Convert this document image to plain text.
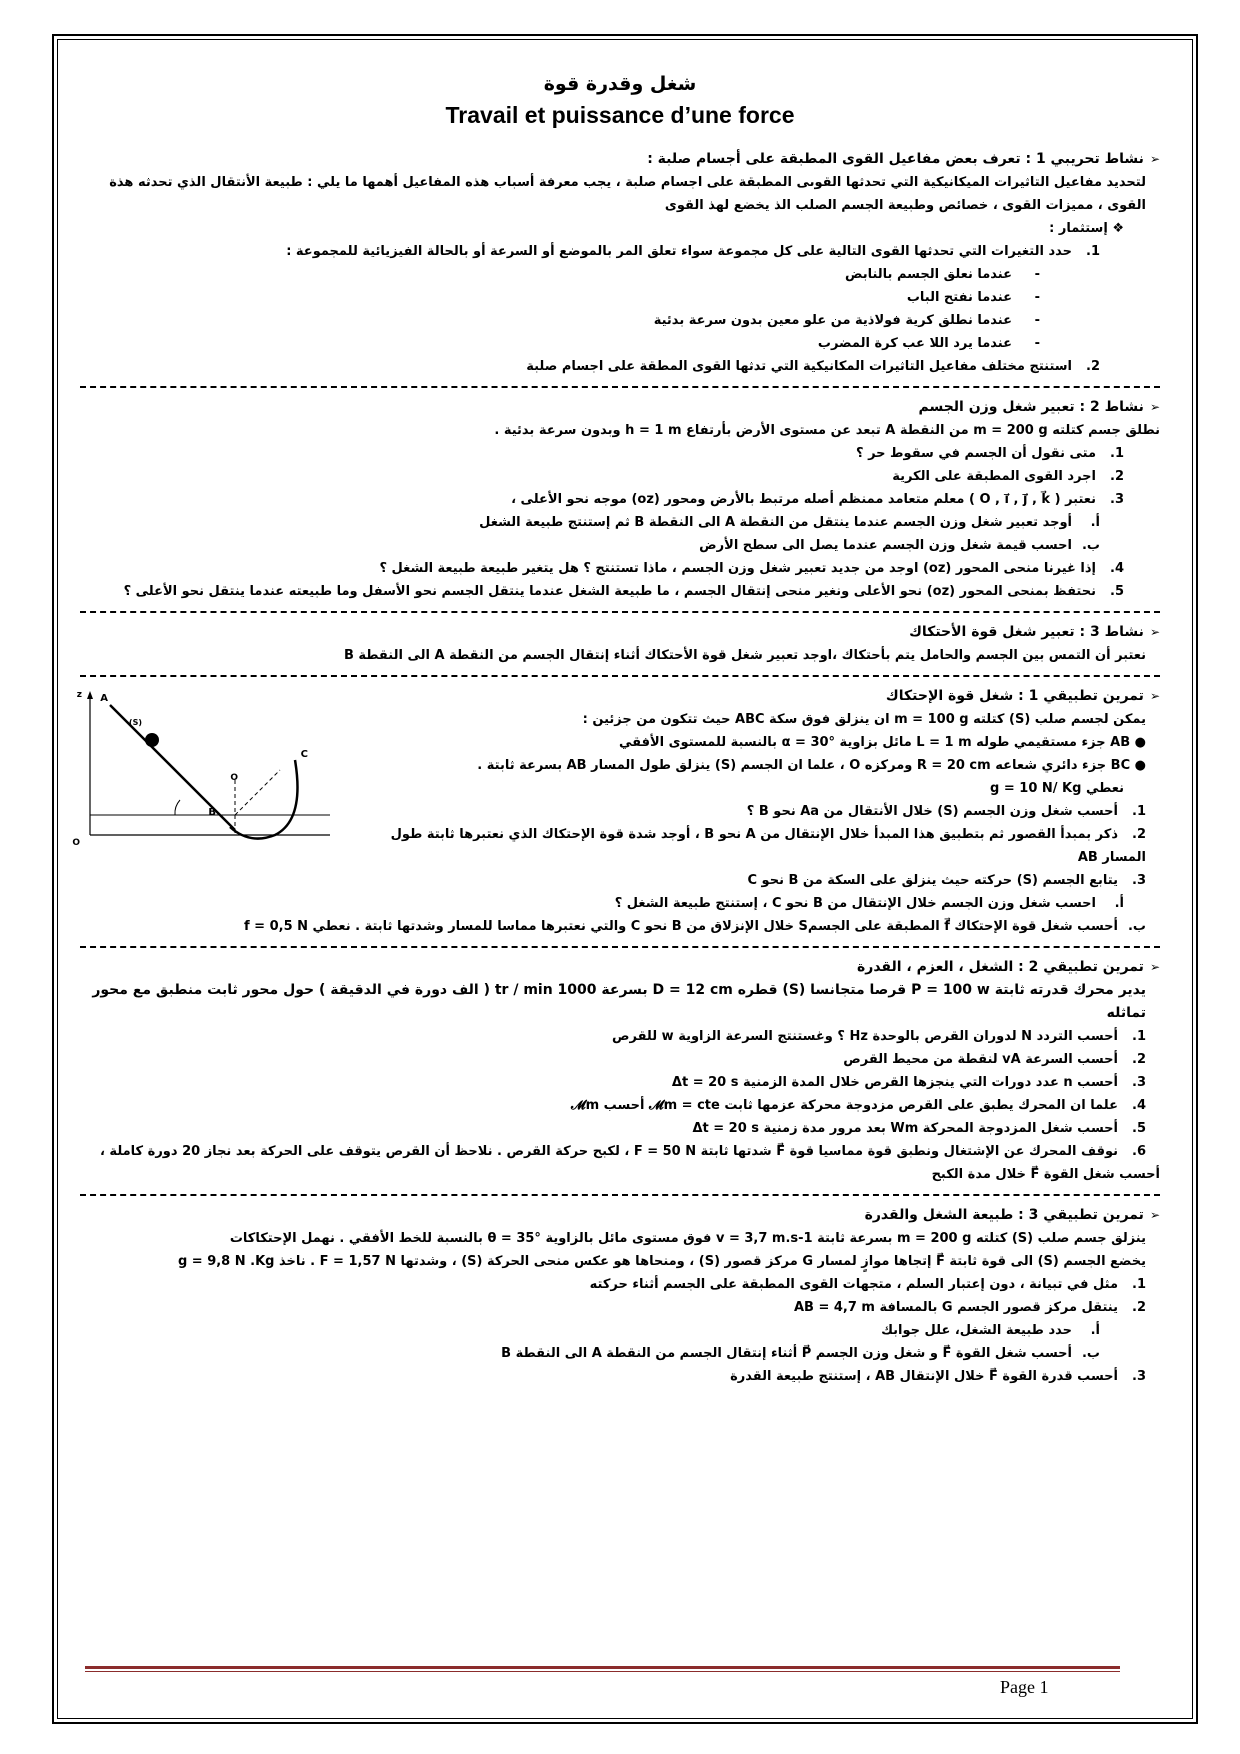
شغل وقدرة قوة
Travail et puissance d’une force
➢نشاط تحريبي 1 : تعرف بعض مفاعيل القوى المطبقة على أجسام صلبة :

لتحديد مفاعيل التاثيرات الميكانيكية التي تحدثها القوىى المطبقة على اجسام صلبة ، يجب معرفة أسباب هذه المفاعيل أهمها ما يلي : طبيعة الأنتقال الذي تحدثه هذة القوى ، مميزات القوى ، خصائص وطبيعة الجسم الصلب الذ يخضع لهذ القوى

❖ إستثمار :
1.حدد التغيرات التي تحدثها القوى التالية على كل مجموعة سواء تعلق المر بالموضع أو السرعة أو بالحالة الفيزيائية للمجموعة :
-عندما نعلق الجسم بالنابض
-عندما نفتح الباب
-عندما نطلق كرية فولاذية من علو معين بدون سرعة بدئية
-عندما يرد اللا عب كرة المضرب
2.استنتج مختلف مفاعيل التاثيرات المكانيكية التي تدثها القوى المطقة على اجسام صلبة
➢نشاط 2 : تعبير شغل وزن الجسم
نطلق جسم كتلته m = 200 g من النقطة A تبعد عن مستوى الأرض بأرتفاع h = 1 m وبدون سرعة بدئية .
1.متى نقول أن الجسم في سقوط حر ؟
2.اجرد القوى المطبقة على الكرية
3.نعتبر ( O , i⃗ , j⃗ , k⃗ ) معلم متعامد ممنظم أصله مرتبط بالأرض ومحور (oz) موجه نحو الأعلى ،
أ.أوجد تعبير شغل وزن الجسم عندما ينتقل من النقطة A الى النقطة B ثم إستنتج طبيعة الشغل
ب.احسب قيمة شغل وزن الجسم عندما يصل الى سطح الأرض
4.إذا غيرنا منحى المحور (oz) اوجد من جديد تعبير شغل وزن الجسم ، ماذا تستنتج ؟ هل يتغير طبيعة طبيعة الشغل ؟
5.نحتفظ بمنحى المحور (oz) نحو الأعلى ونغير منحى إنتقال الجسم ، ما طبيعة الشغل عندما ينتقل الجسم نحو الأسفل وما طبيعته عندما ينتقل نحو الأعلى ؟
➢نشاط 3 : تعبير شغل قوة الأحتكاك
نعتبر أن التمس بين الجسم والحامل يتم بأحتكاك ،اوجد تعبير شغل قوة الأحتكاك أثناء إنتقال الجسم من النقطة A الى النقطة B
z A
(S)
C
O
B
O
➢تمرين تطبيقي 1 : شغل قوة الإحتكاك
يمكن لجسم صلب (S) كتلته m = 100 g ان ينزلق فوق سكة ABC حيث تتكون من جزئين :
● AB جزء مستقيمي طوله L = 1 m مائل بزاوية α = 30° بالنسبة للمستوى الأفقي
● BC جزء دائري شعاعه R = 20 cm ومركزه O ، علما ان الجسم (S) ينزلق طول المسار AB بسرعة ثابتة .
نعطي g = 10 N/ Kg
1.أحسب شغل وزن الجسم (S) خلال الأنتقال من Aa نحو B ؟
2.ذكر بمبدأ القصور ثم بتطبيق هذا المبدأ خلال الإنتقال من A نحو B ، أوجد شدة قوة الإحتكاك الذي نعتبرها ثابتة طول المسار AB
3.يتابع الجسم (S) حركته حيث ينزلق على السكة من B نحو C
أ.احسب شغل وزن الجسم خلال الإنتقال من B نحو C ، إستنتج طبيعة الشغل ؟
ب.أحسب شغل قوة الإحتكاك f⃗ المطبقة على الجسمS خلال الإنزلاق من B نحو C والتي نعتبرها مماسا للمسار وشدتها ثابتة . نعطي f = 0,5 N
➢تمرين تطبيقي 2 : الشغل ، العزم ، القدرة
يدير محرك قدرته ثابتة P = 100 w قرصا متجانسا (S) قطره D = 12 cm بسرعة 1000 tr / min ( الف دورة في الدقيقة ) حول محور ثابت منطبق مع محور تماثله
1.أحسب التردد N لدوران القرص بالوحدة Hz ؟ وغستنتج السرعة الزاوية w للقرص
2.أحسب السرعة vA لنقطة من محيط القرص
3.أحسب n عدد دورات التي ينجزها القرص خلال المدة الزمنية Δt = 20 s
4.علما ان المحرك يطبق على القرص مزدوجة محركة عزمها ثابت 𝓜m = cte أحسب 𝓜m
5.أحسب شغل المزدوجة المحركة Wm بعد مرور مدة زمنية Δt = 20 s
6.نوقف المحرك عن الإشتغال ونطبق قوة مماسيا قوة F⃗ شدتها ثابتة F = 50 N ، لكبح حركة القرص . نلاحظ أن القرص يتوقف على الحركة بعد نجاز 20 دورة كاملة ،
أحسب شغل القوة F⃗ خلال مدة الكبح
➢تمرين تطبيقي 3 : طبيعة الشغل والقدرة
ينزلق جسم صلب (S) كتلته m = 200 g بسرعة ثابتة v = 3,7 m.s-1 فوق مستوى مائل بالزاوية θ = 35° بالنسبة للخط الأفقي . نهمل الإحتكاكات
يخضع الجسم (S) الى قوة ثابتة F⃗ إتجاها موازٍ لمسار G مركز قصور (S) ، ومنحاها هو عكس منحى الحركة (S) ، وشدتها F = 1,57 N . ناخذ g = 9,8 N .Kg
1.مثل في تبيانة ، دون إعتبار السلم ، متجهات القوى المطبقة على الجسم أثناء حركته
2.ينتقل مركز قصور الجسم G بالمسافة AB = 4,7 m
أ.حدد طبيعة الشغل، علل جوابك
ب.أحسب شغل القوة F⃗ و شغل وزن الجسم P⃗ أثناء إنتقال الجسم من النقطة A الى النقطة B
3.أحسب قدرة القوة F⃗ خلال الإنتقال AB ، إستنتج طبيعة القدرة
Page 1
